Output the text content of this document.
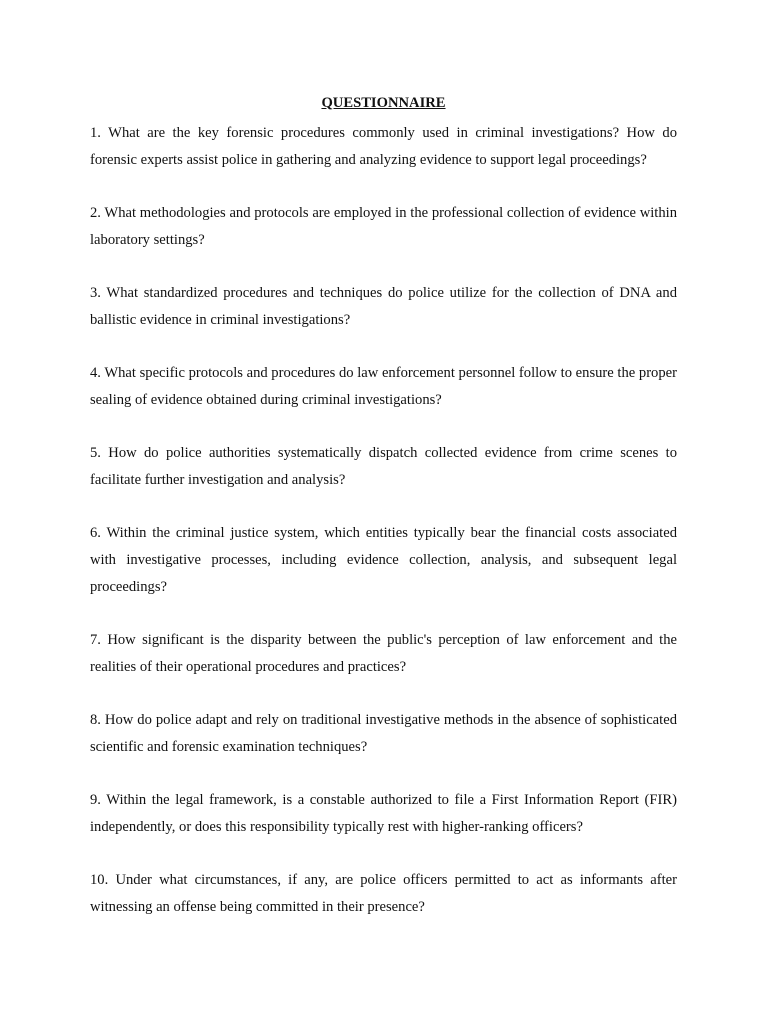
QUESTIONNAIRE

1. What are the key forensic procedures commonly used in criminal investigations? How do forensic experts assist police in gathering and analyzing evidence to support legal proceedings?

2. What methodologies and protocols are employed in the professional collection of evidence within laboratory settings?

3. What standardized procedures and techniques do police utilize for the collection of DNA and ballistic evidence in criminal investigations?

4. What specific protocols and procedures do law enforcement personnel follow to ensure the proper sealing of evidence obtained during criminal investigations?

5. How do police authorities systematically dispatch collected evidence from crime scenes to facilitate further investigation and analysis?

6. Within the criminal justice system, which entities typically bear the financial costs associated with investigative processes, including evidence collection, analysis, and subsequent legal proceedings?

7. How significant is the disparity between the public's perception of law enforcement and the realities of their operational procedures and practices?

8. How do police adapt and rely on traditional investigative methods in the absence of sophisticated scientific and forensic examination techniques?

9. Within the legal framework, is a constable authorized to file a First Information Report (FIR) independently, or does this responsibility typically rest with higher-ranking officers?

10. Under what circumstances, if any, are police officers permitted to act as informants after witnessing an offense being committed in their presence?
